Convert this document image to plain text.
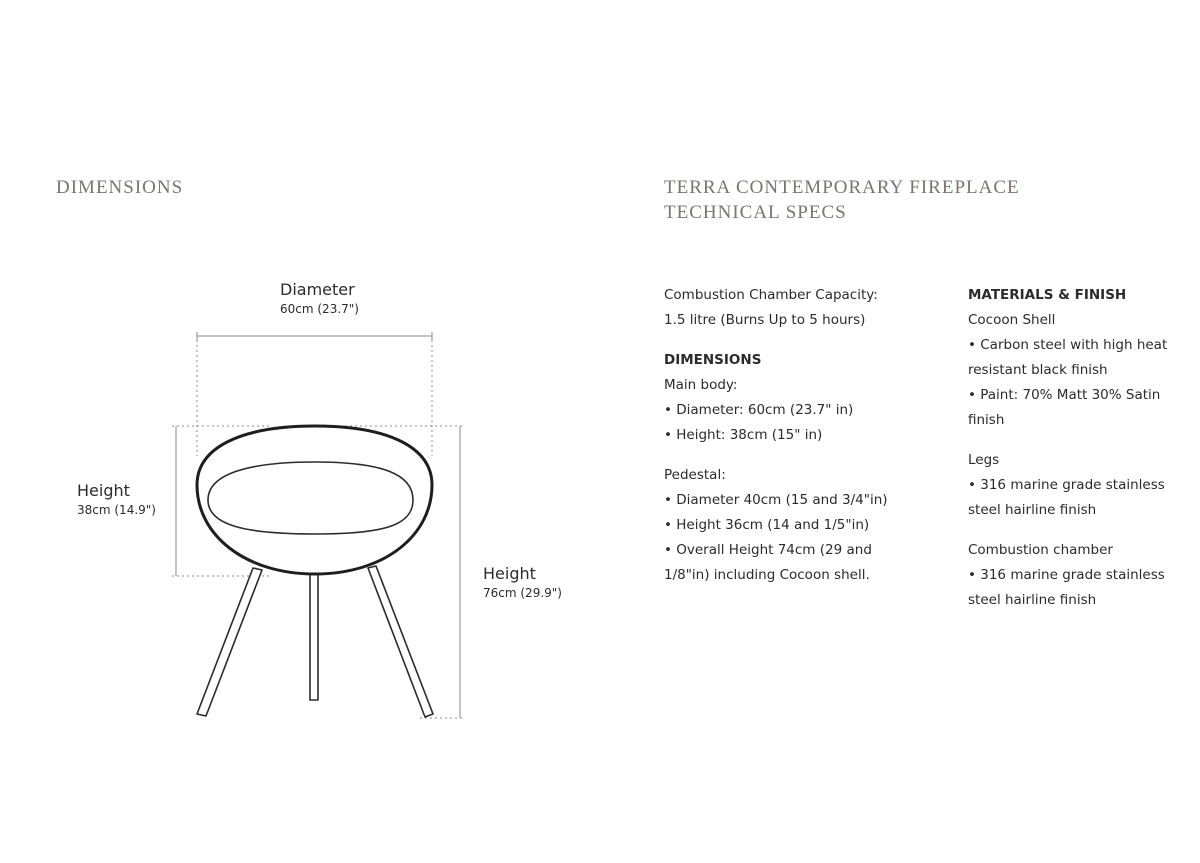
DIMENSIONS	TERRA CONTEMPORARY FIREPLACE
TECHNICAL SPECS
Diameter
60cm (23.7")
Height
38cm (14.9")
Height
76cm (29.9")

Combustion Chamber Capacity:

1.5 litre (Burns Up to 5 hours)

DIMENSIONS

Main body:

• Diameter: 60cm (23.7" in)

• Height: 38cm (15" in)

Pedestal:

• Diameter 40cm (15 and 3/4"in)

• Height 36cm (14 and 1/5"in)

• Overall Height 74cm (29 and

1/8"in) including Cocoon shell.

MATERIALS & FINISH

Cocoon Shell

• Carbon steel with high heat

resistant black finish

• Paint: 70% Matt 30% Satin

finish

Legs

• 316 marine grade stainless

steel hairline finish

Combustion chamber

• 316 marine grade stainless

steel hairline finish
